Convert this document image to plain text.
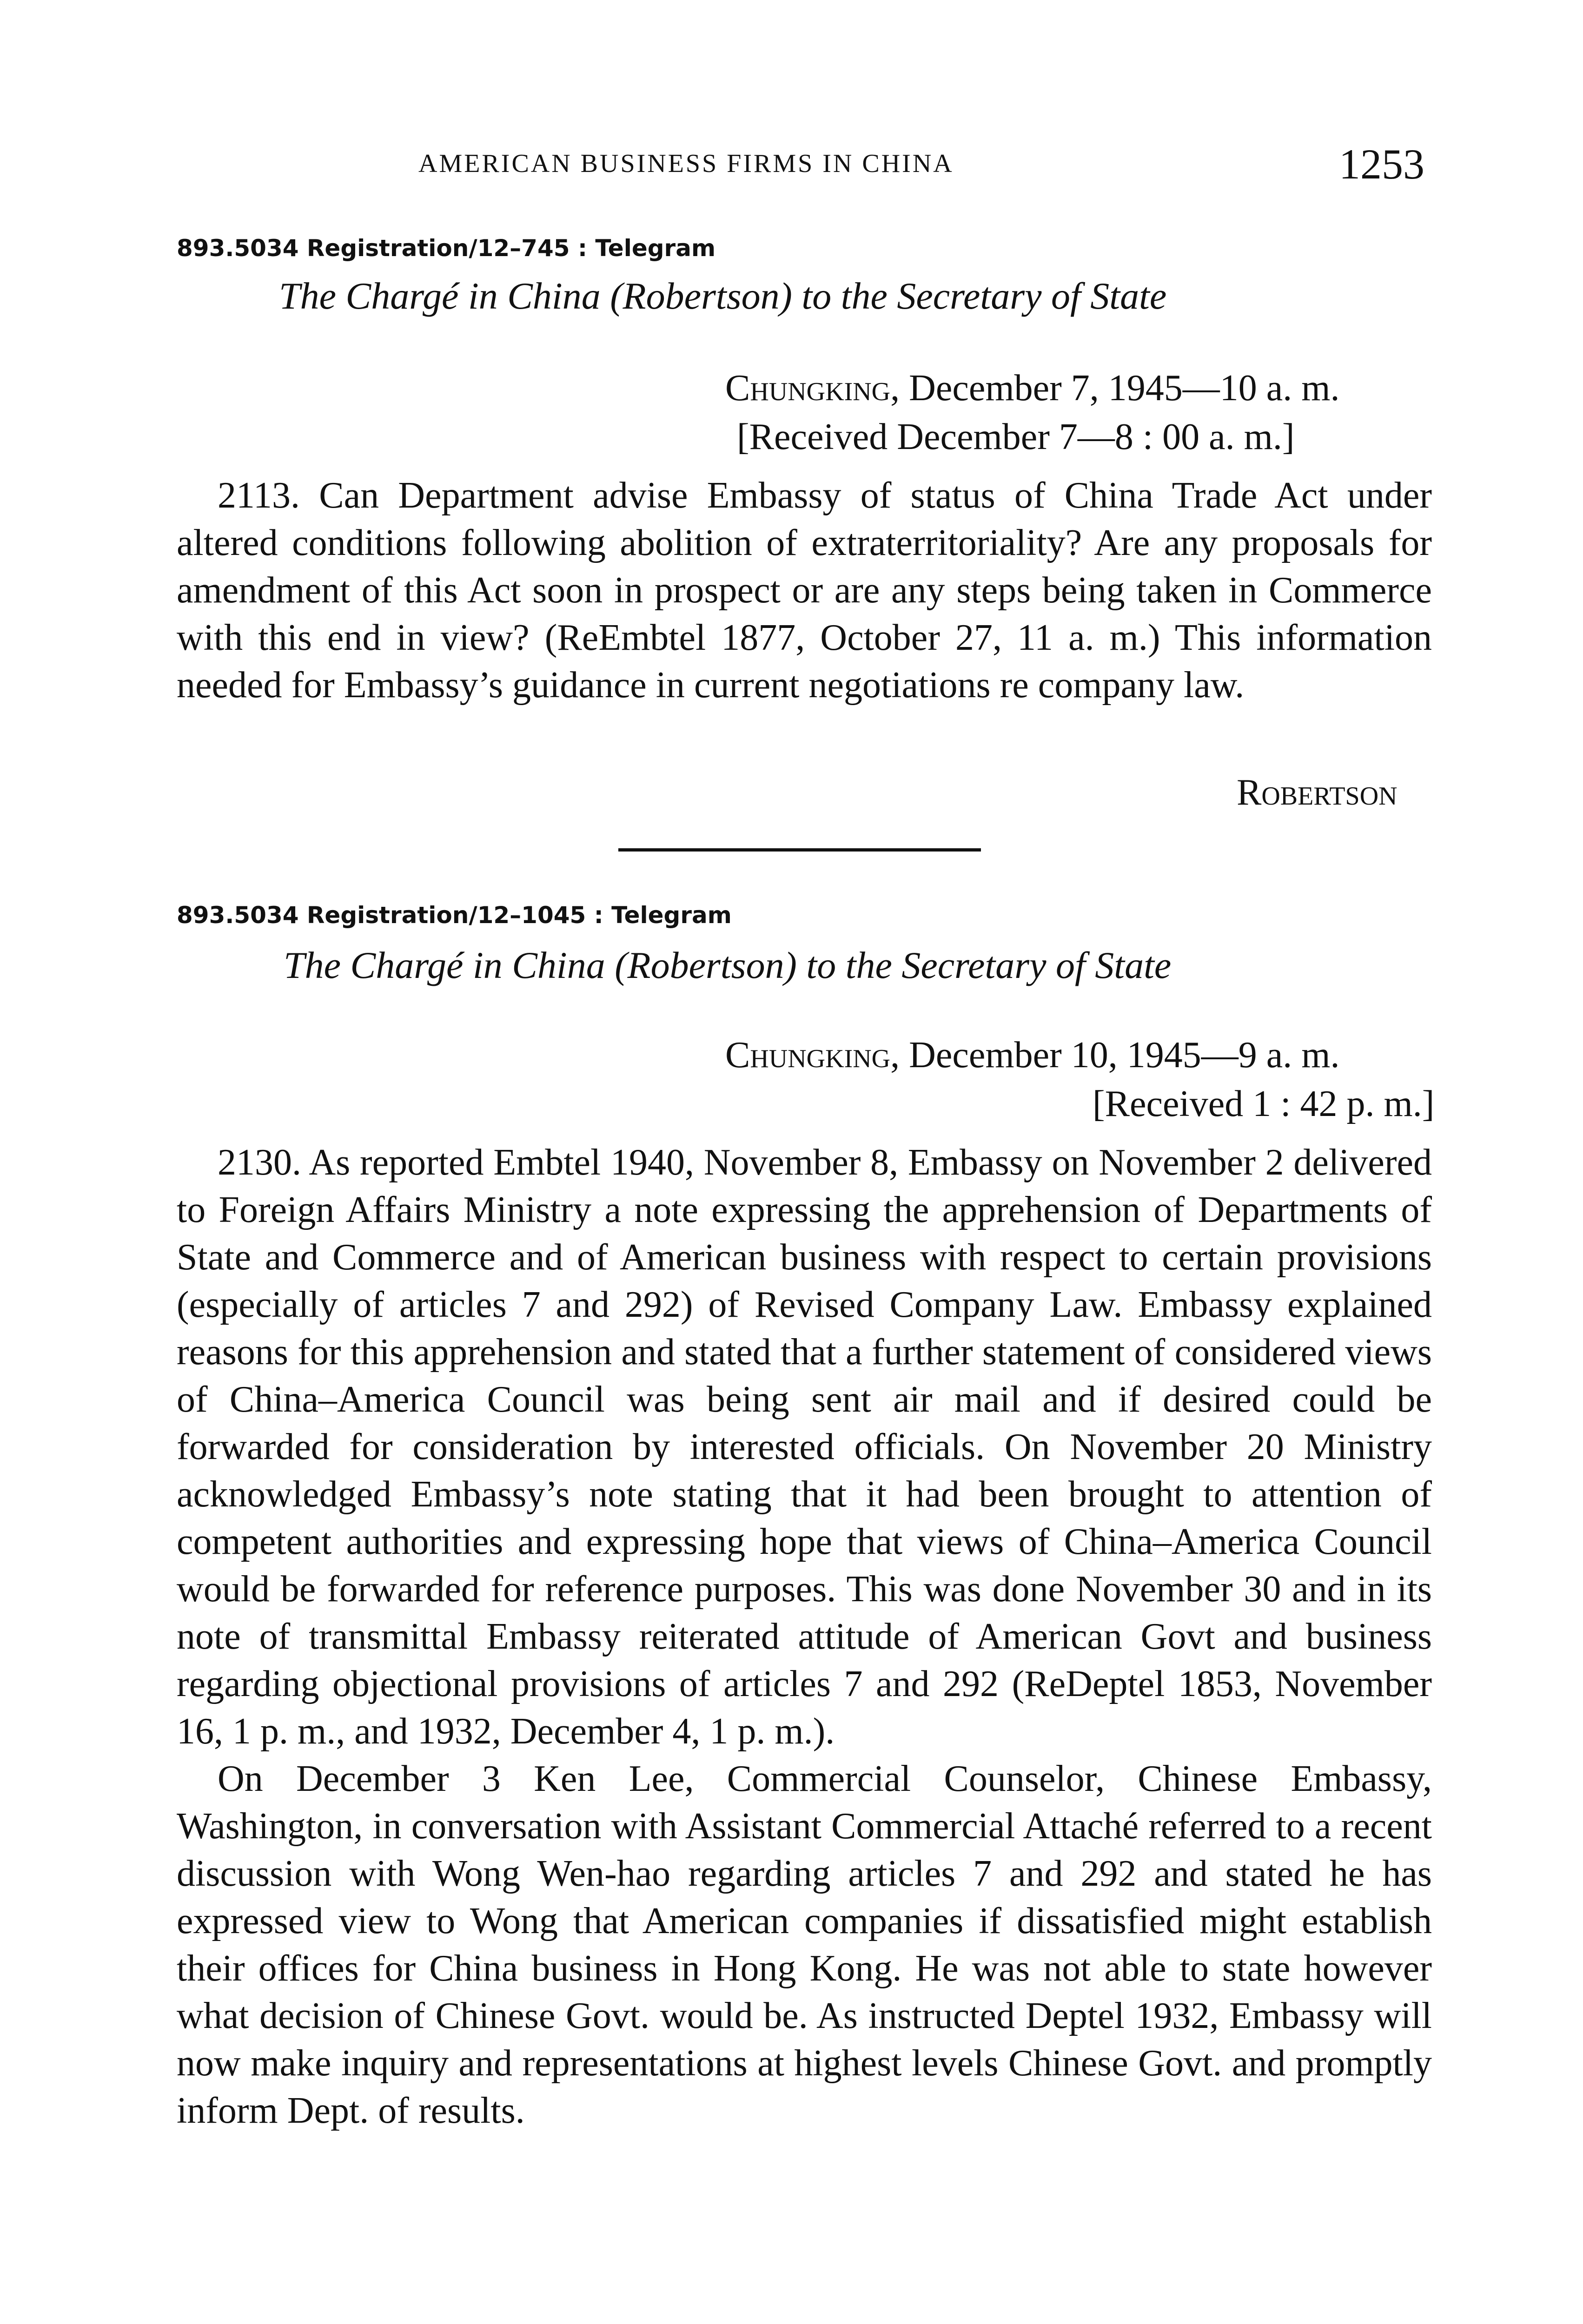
AMERICAN BUSINESS FIRMS IN CHINA	1253
893.5034 Registration/12–745 : Telegram
The Chargé in China (Robertson) to the Secretary of State
Chungking, December 7, 1945—10 a. m.
[Received December 7—8 : 00 a. m.]

2113. Can Department advise Embassy of status of China Trade Act under altered conditions following abolition of extraterritoriality? Are any proposals for amendment of this Act soon in prospect or are any steps being taken in Commerce with this end in view? (ReEmbtel 1877, October 27, 11 a. m.) This information needed for Embassy’s guidance in current negotiations re company law.

Robertson
893.5034 Registration/12–1045 : Telegram
The Chargé in China (Robertson) to the Secretary of State
Chungking, December 10, 1945—9 a. m.
[Received 1 : 42 p. m.]

2130. As reported Embtel 1940, November 8, Embassy on November 2 delivered to Foreign Affairs Ministry a note expressing the apprehension of Departments of State and Commerce and of American business with respect to certain provisions (especially of articles 7 and 292) of Revised Company Law. Embassy explained reasons for this apprehension and stated that a further statement of considered views of China–America Council was being sent air mail and if desired could be forwarded for consideration by interested officials. On November 20 Ministry acknowledged Embassy’s note stating that it had been brought to attention of competent authorities and expressing hope that views of China–America Council would be forwarded for reference purposes. This was done November 30 and in its note of transmittal Embassy reiterated attitude of American Govt and business regarding objectional provisions of articles 7 and 292 (ReDeptel 1853, November 16, 1 p. m., and 1932, December 4, 1 p. m.).

On December 3 Ken Lee, Commercial Counselor, Chinese Embassy, Washington, in conversation with Assistant Commercial Attaché referred to a recent discussion with Wong Wen-hao regarding articles 7 and 292 and stated he has expressed view to Wong that American companies if dissatisfied might establish their offices for China business in Hong Kong. He was not able to state however what decision of Chinese Govt. would be. As instructed Deptel 1932, Embassy will now make inquiry and representations at highest levels Chinese Govt. and promptly inform Dept. of results.
